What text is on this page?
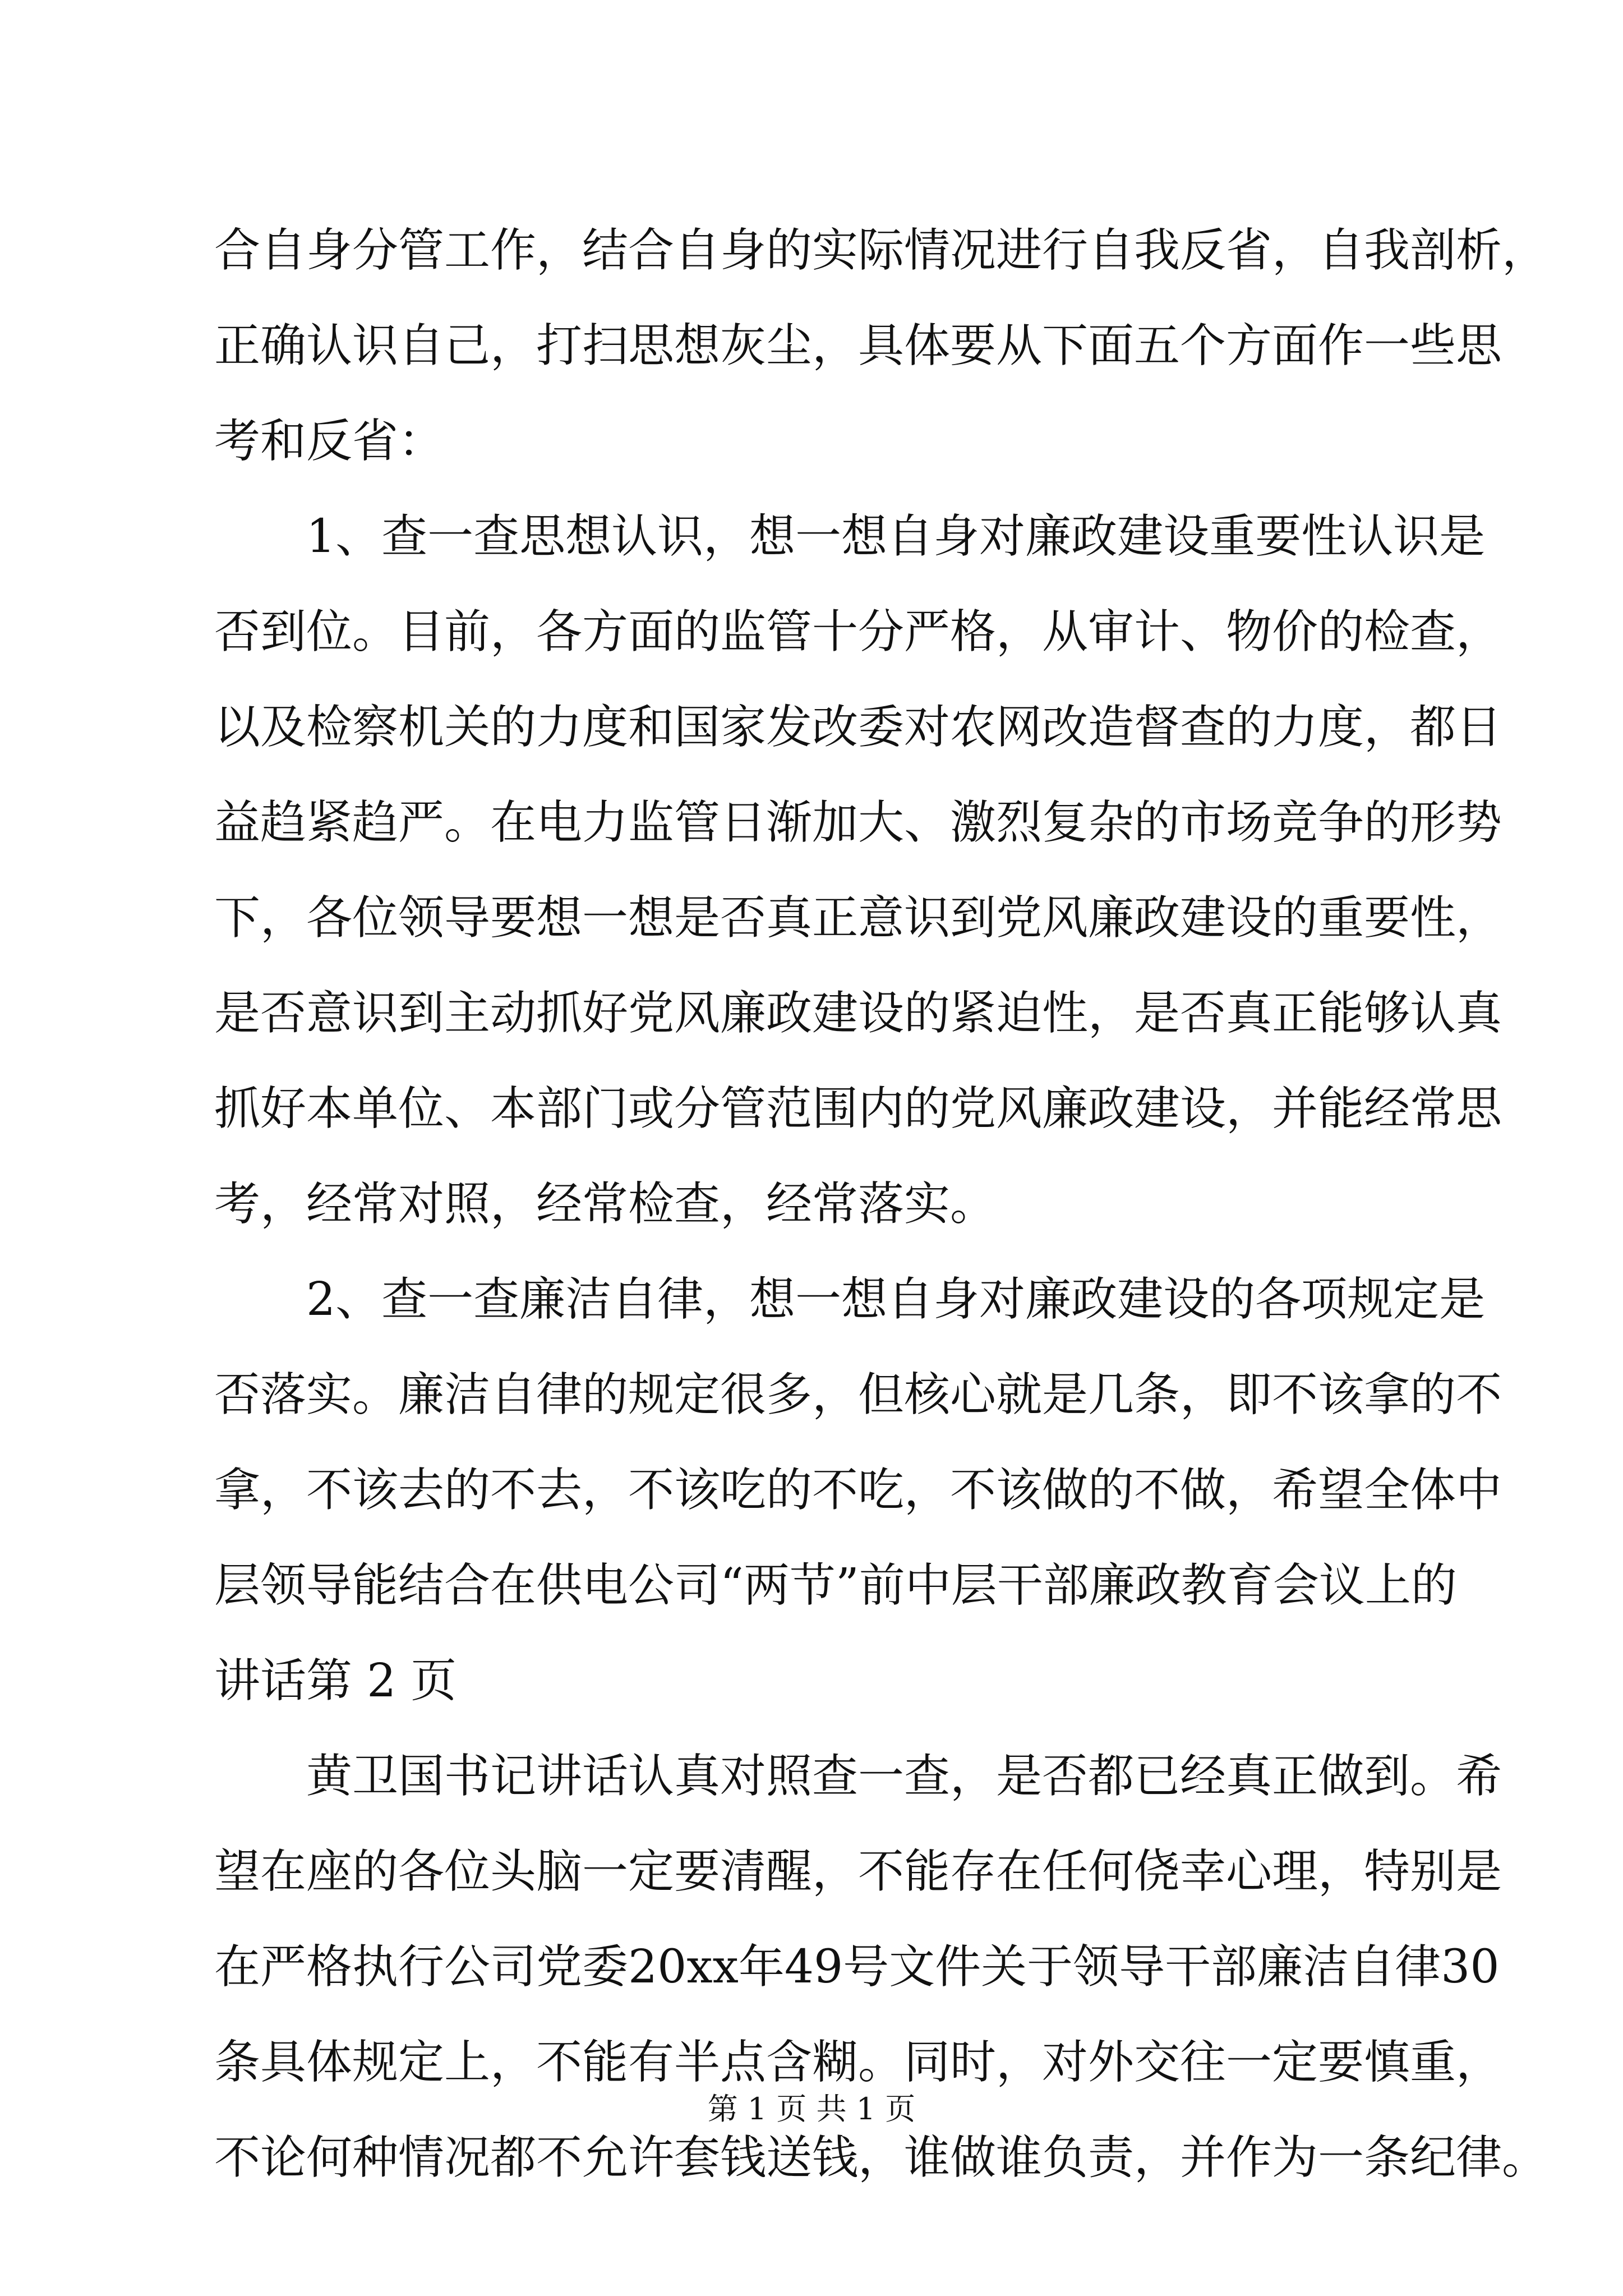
合自身分管工作，结合自身的实际情况进行自我反省，自我剖析，
正确认识自己，打扫思想灰尘，具体要从下面五个方面作一些思
考和反省：
1、查一查思想认识，想一想自身对廉政建设重要性认识是
否到位。目前，各方面的监管十分严格，从审计、物价的检查，
以及检察机关的力度和国家发改委对农网改造督查的力度，都日
益趋紧趋严。在电力监管日渐加大、激烈复杂的市场竞争的形势
下，各位领导要想一想是否真正意识到党风廉政建设的重要性，
是否意识到主动抓好党风廉政建设的紧迫性，是否真正能够认真
抓好本单位、本部门或分管范围内的党风廉政建设，并能经常思
考，经常对照，经常检查，经常落实。
2、查一查廉洁自律，想一想自身对廉政建设的各项规定是
否落实。廉洁自律的规定很多，但核心就是几条，即不该拿的不
拿，不该去的不去，不该吃的不吃，不该做的不做，希望全体中
层领导能结合在供电公司“两节”前中层干部廉政教育会议上的
讲话第 2 页
黄卫国书记讲话认真对照查一查，是否都已经真正做到。希
望在座的各位头脑一定要清醒，不能存在任何侥幸心理，特别是
在严格执行公司党委20xx年49号文件关于领导干部廉洁自律30
条具体规定上，不能有半点含糊。同时，对外交往一定要慎重，
不论何种情况都不允许套钱送钱，谁做谁负责，并作为一条纪律。
第 1 页 共 1 页
